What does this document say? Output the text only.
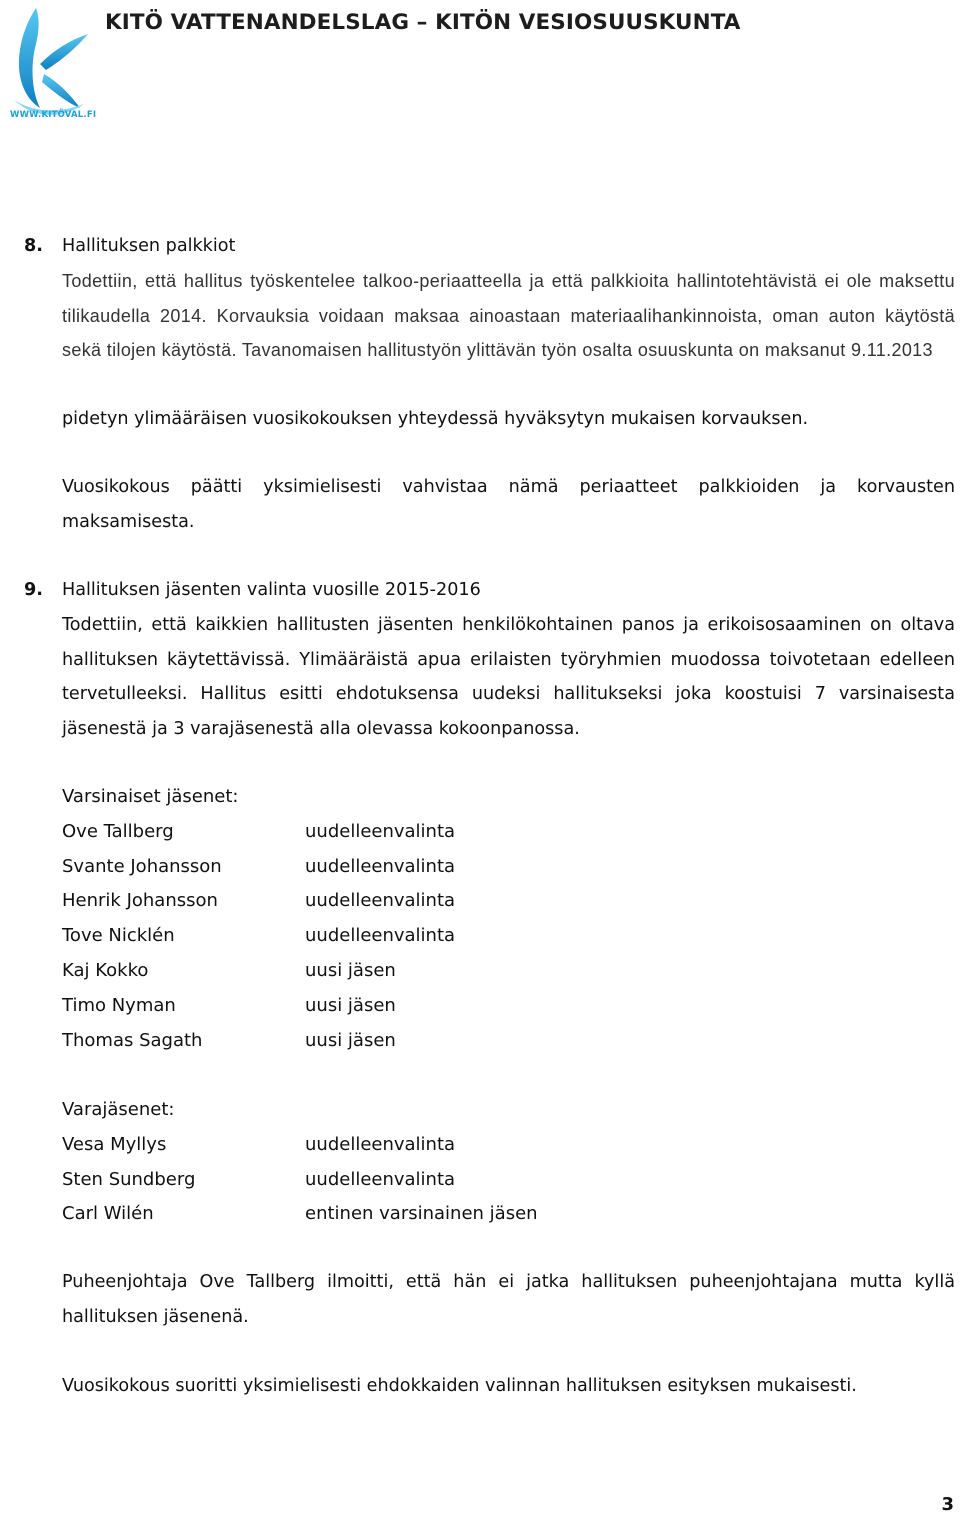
WWW.KITÖVAL.FI
KITÖ VATTENANDELSLAG – KITÖN VESIOSUUSKUNTA
8. Hallituksen palkkiot
Todettiin, että hallitus työskentelee talkoo-periaatteella ja että palkkioita hallintotehtävistä ei ole maksettu tilikaudella 2014. Korvauksia voidaan maksaa ainoastaan materiaalihankinnoista, oman auton käytöstä sekä tilojen käytöstä. Tavanomaisen hallitustyön ylittävän työn osalta osuuskunta on maksanut 9.11.2013
pidetyn ylimääräisen vuosikokouksen yhteydessä hyväksytyn mukaisen korvauksen.
Vuosikokous päätti yksimielisesti vahvistaa nämä periaatteet palkkioiden ja korvausten maksamisesta.
9. Hallituksen jäsenten valinta vuosille 2015-2016
Todettiin, että kaikkien hallitusten jäsenten henkilökohtainen panos ja erikoisosaaminen on oltava hallituksen käytettävissä. Ylimääräistä apua erilaisten työryhmien muodossa toivotetaan edelleen tervetulleeksi. Hallitus esitti ehdotuksensa uudeksi hallitukseksi joka koostuisi 7 varsinaisesta jäsenestä ja 3 varajäsenestä alla olevassa kokoonpanossa.
Varsinaiset jäsenet:
Ove Tallberg	uudelleenvalinta
Svante Johansson	uudelleenvalinta
Henrik Johansson	uudelleenvalinta
Tove Nicklén	uudelleenvalinta
Kaj Kokko	uusi jäsen
Timo Nyman	uusi jäsen
Thomas Sagath	uusi jäsen
Varajäsenet:
Vesa Myllys	uudelleenvalinta
Sten Sundberg	uudelleenvalinta
Carl Wilén	entinen varsinainen jäsen
Puheenjohtaja Ove Tallberg ilmoitti, että hän ei jatka hallituksen puheenjohtajana mutta kyllä hallituksen jäsenenä.
Vuosikokous suoritti yksimielisesti ehdokkaiden valinnan hallituksen esityksen mukaisesti.
3
